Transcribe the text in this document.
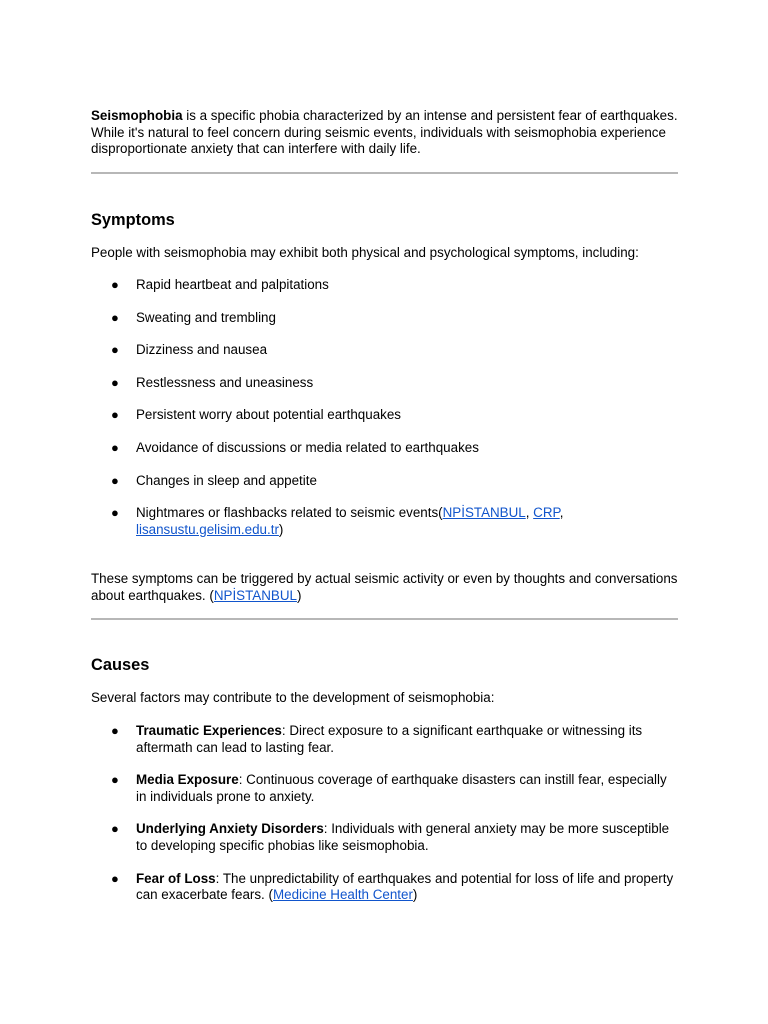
Seismophobia is a specific phobia characterized by an intense and persistent fear of earthquakes. While it's natural to feel concern during seismic events, individuals with seismophobia experience disproportionate anxiety that can interfere with daily life.

Symptoms

People with seismophobia may exhibit both physical and psychological symptoms, including:

● Rapid heartbeat and palpitations
● Sweating and trembling
● Dizziness and nausea
● Restlessness and uneasiness
● Persistent worry about potential earthquakes
● Avoidance of discussions or media related to earthquakes
● Changes in sleep and appetite
● Nightmares or flashbacks related to seismic events(NPİSTANBUL, CRP, lisansustu.gelisim.edu.tr)

These symptoms can be triggered by actual seismic activity or even by thoughts and conversations about earthquakes. (NPİSTANBUL)

Causes

Several factors may contribute to the development of seismophobia:

● Traumatic Experiences: Direct exposure to a significant earthquake or witnessing its aftermath can lead to lasting fear.
● Media Exposure: Continuous coverage of earthquake disasters can instill fear, especially in individuals prone to anxiety.
● Underlying Anxiety Disorders: Individuals with general anxiety may be more susceptible to developing specific phobias like seismophobia.
● Fear of Loss: The unpredictability of earthquakes and potential for loss of life and property can exacerbate fears. (Medicine Health Center)
